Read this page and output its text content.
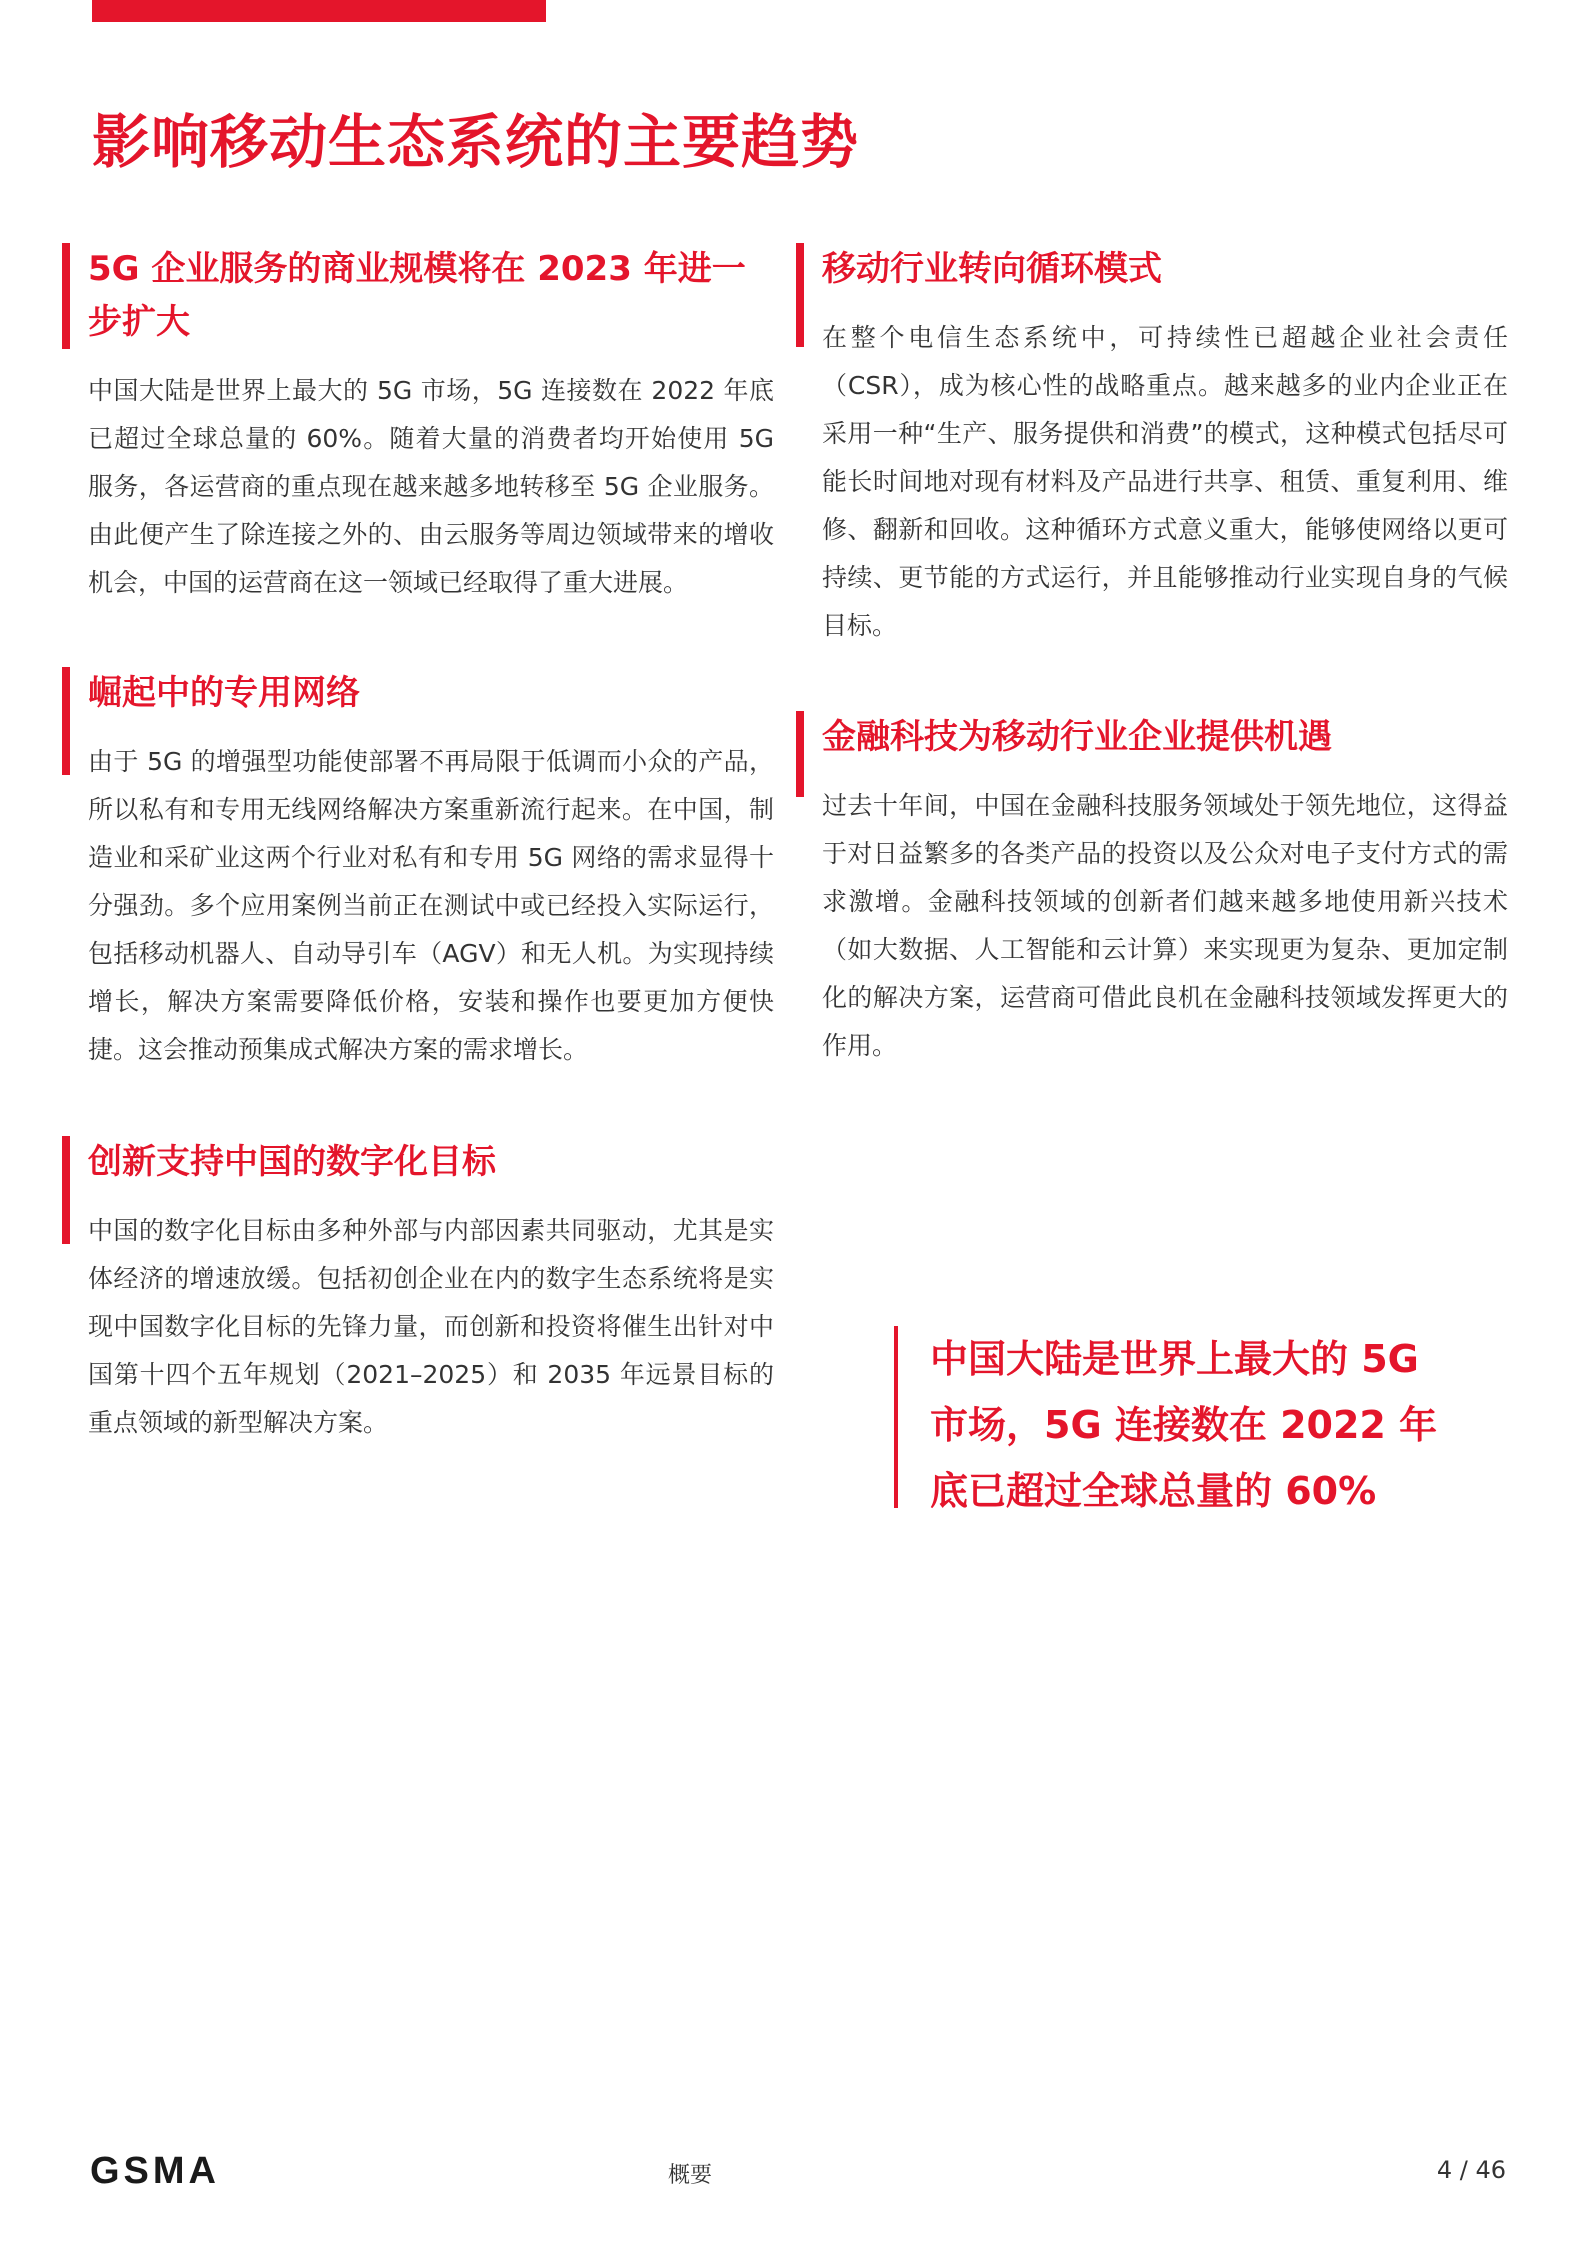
影响移动生态系统的主要趋势
5G 企业服务的商业规模将在 2023 年进一步扩大

中国大陆是世界上最大的 5G 市场，5G 连接数在 2022 年底已超过全球总量的 60%。随着大量的消费者均开始使用 5G 服务，各运营商的重点现在越来越多地转移至 5G 企业服务。由此便产生了除连接之外的、由云服务等周边领域带来的增收机会，中国的运营商在这一领域已经取得了重大进展。

崛起中的专用网络

由于 5G 的增强型功能使部署不再局限于低调而小众的产品，所以私有和专用无线网络解决方案重新流行起来。在中国，制造业和采矿业这两个行业对私有和专用 5G 网络的需求显得十分强劲。多个应用案例当前正在测试中或已经投入实际运行，包括移动机器人、自动导引车（AGV）和无人机。为实现持续增长，解决方案需要降低价格，安装和操作也要更加方便快捷。这会推动预集成式解决方案的需求增长。

创新支持中国的数字化目标

中国的数字化目标由多种外部与内部因素共同驱动，尤其是实体经济的增速放缓。包括初创企业在内的数字生态系统将是实现中国数字化目标的先锋力量，而创新和投资将催生出针对中国第十四个五年规划（2021–2025）和 2035 年远景目标的重点领域的新型解决方案。

移动行业转向循环模式

在整个电信生态系统中，可持续性已超越企业社会责任（CSR），成为核心性的战略重点。越来越多的业内企业正在采用一种“生产、服务提供和消费”的模式，这种模式包括尽可能长时间地对现有材料及产品进行共享、租赁、重复利用、维修、翻新和回收。这种循环方式意义重大，能够使网络以更可持续、更节能的方式运行，并且能够推动行业实现自身的气候目标。

金融科技为移动行业企业提供机遇

过去十年间，中国在金融科技服务领域处于领先地位，这得益于对日益繁多的各类产品的投资以及公众对电子支付方式的需求激增。金融科技领域的创新者们越来越多地使用新兴技术（如大数据、人工智能和云计算）来实现更为复杂、更加定制化的解决方案，运营商可借此良机在金融科技领域发挥更大的作用。

中国大陆是世界上最大的 5G 市场，5G 连接数在 2022 年底已超过全球总量的 60%

GSMA	概要	4 / 46
